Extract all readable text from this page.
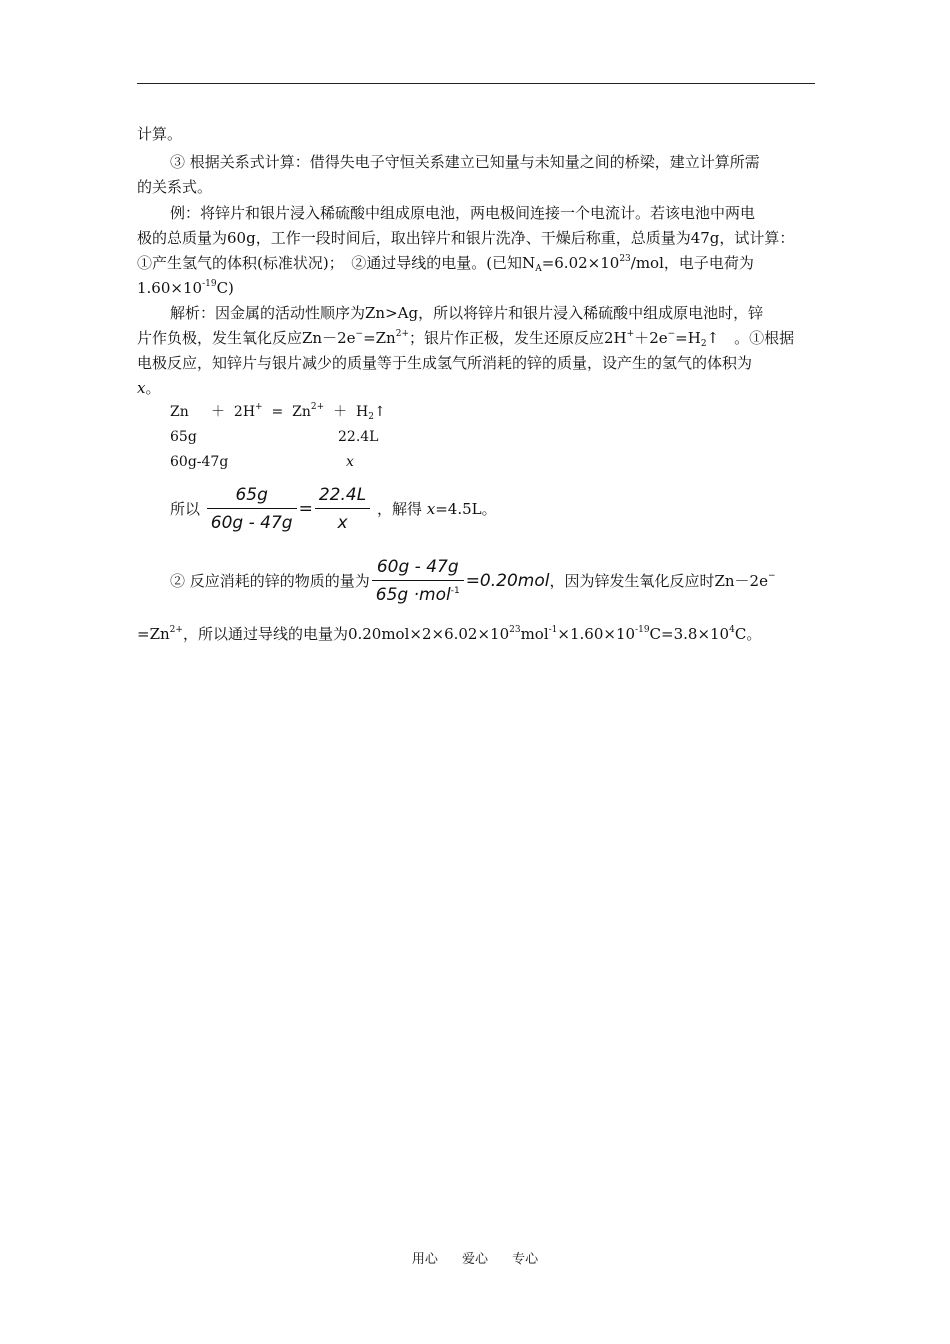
计算。
③ 根据关系式计算：借得失电子守恒关系建立已知量与未知量之间的桥梁，建立计算所需
的关系式。
例：将锌片和银片浸入稀硫酸中组成原电池，两电极间连接一个电流计。若该电池中两电
极的总质量为60g，工作一段时间后，取出锌片和银片洗净、干燥后称重，总质量为47g，试计算：
①产生氢气的体积(标准状况)；　②通过导线的电量。(已知$N_A=6.02\times 10^{23}$/mol，电子电荷为
$1.60\times 10^{-19}C$)
解析：因金属的活动性顺序为Zn>Ag，所以将锌片和银片浸入稀硫酸中组成原电池时，锌
片作负极，发生氧化反应$Zn-2e^-=Zn^{2+}$；银片作正极，发生还原反应$2H^++2e^-=H_2↑$　。①根据
电极反应，知锌片与银片减少的质量等于生成氢气所消耗的锌的质量，设产生的氢气的体积为
x。
$Zn + 2H^+ = Zn^{2+}$ ＋ $H_2↑$
65g	22.4L
60g-47g	x
所以 $\frac{65g}{60g - 47g} = \frac{22.4L}{x}$ ，解得 x=4.5L。
② 反应消耗的锌的物质的量为 $\frac{60g - 47g}{65g \cdot mol^{-1}} =0.20mol$，因为锌发生氧化反应时Zn－2e−
$=Zn^{2+}$，所以通过导线的电量为$0.20mol\times 2\times 6.02\times 10^{23}mol^{-1}\times 1.60\times 10^{-19}C=3.8\times 10^4C$。
用心 爱心 专心
